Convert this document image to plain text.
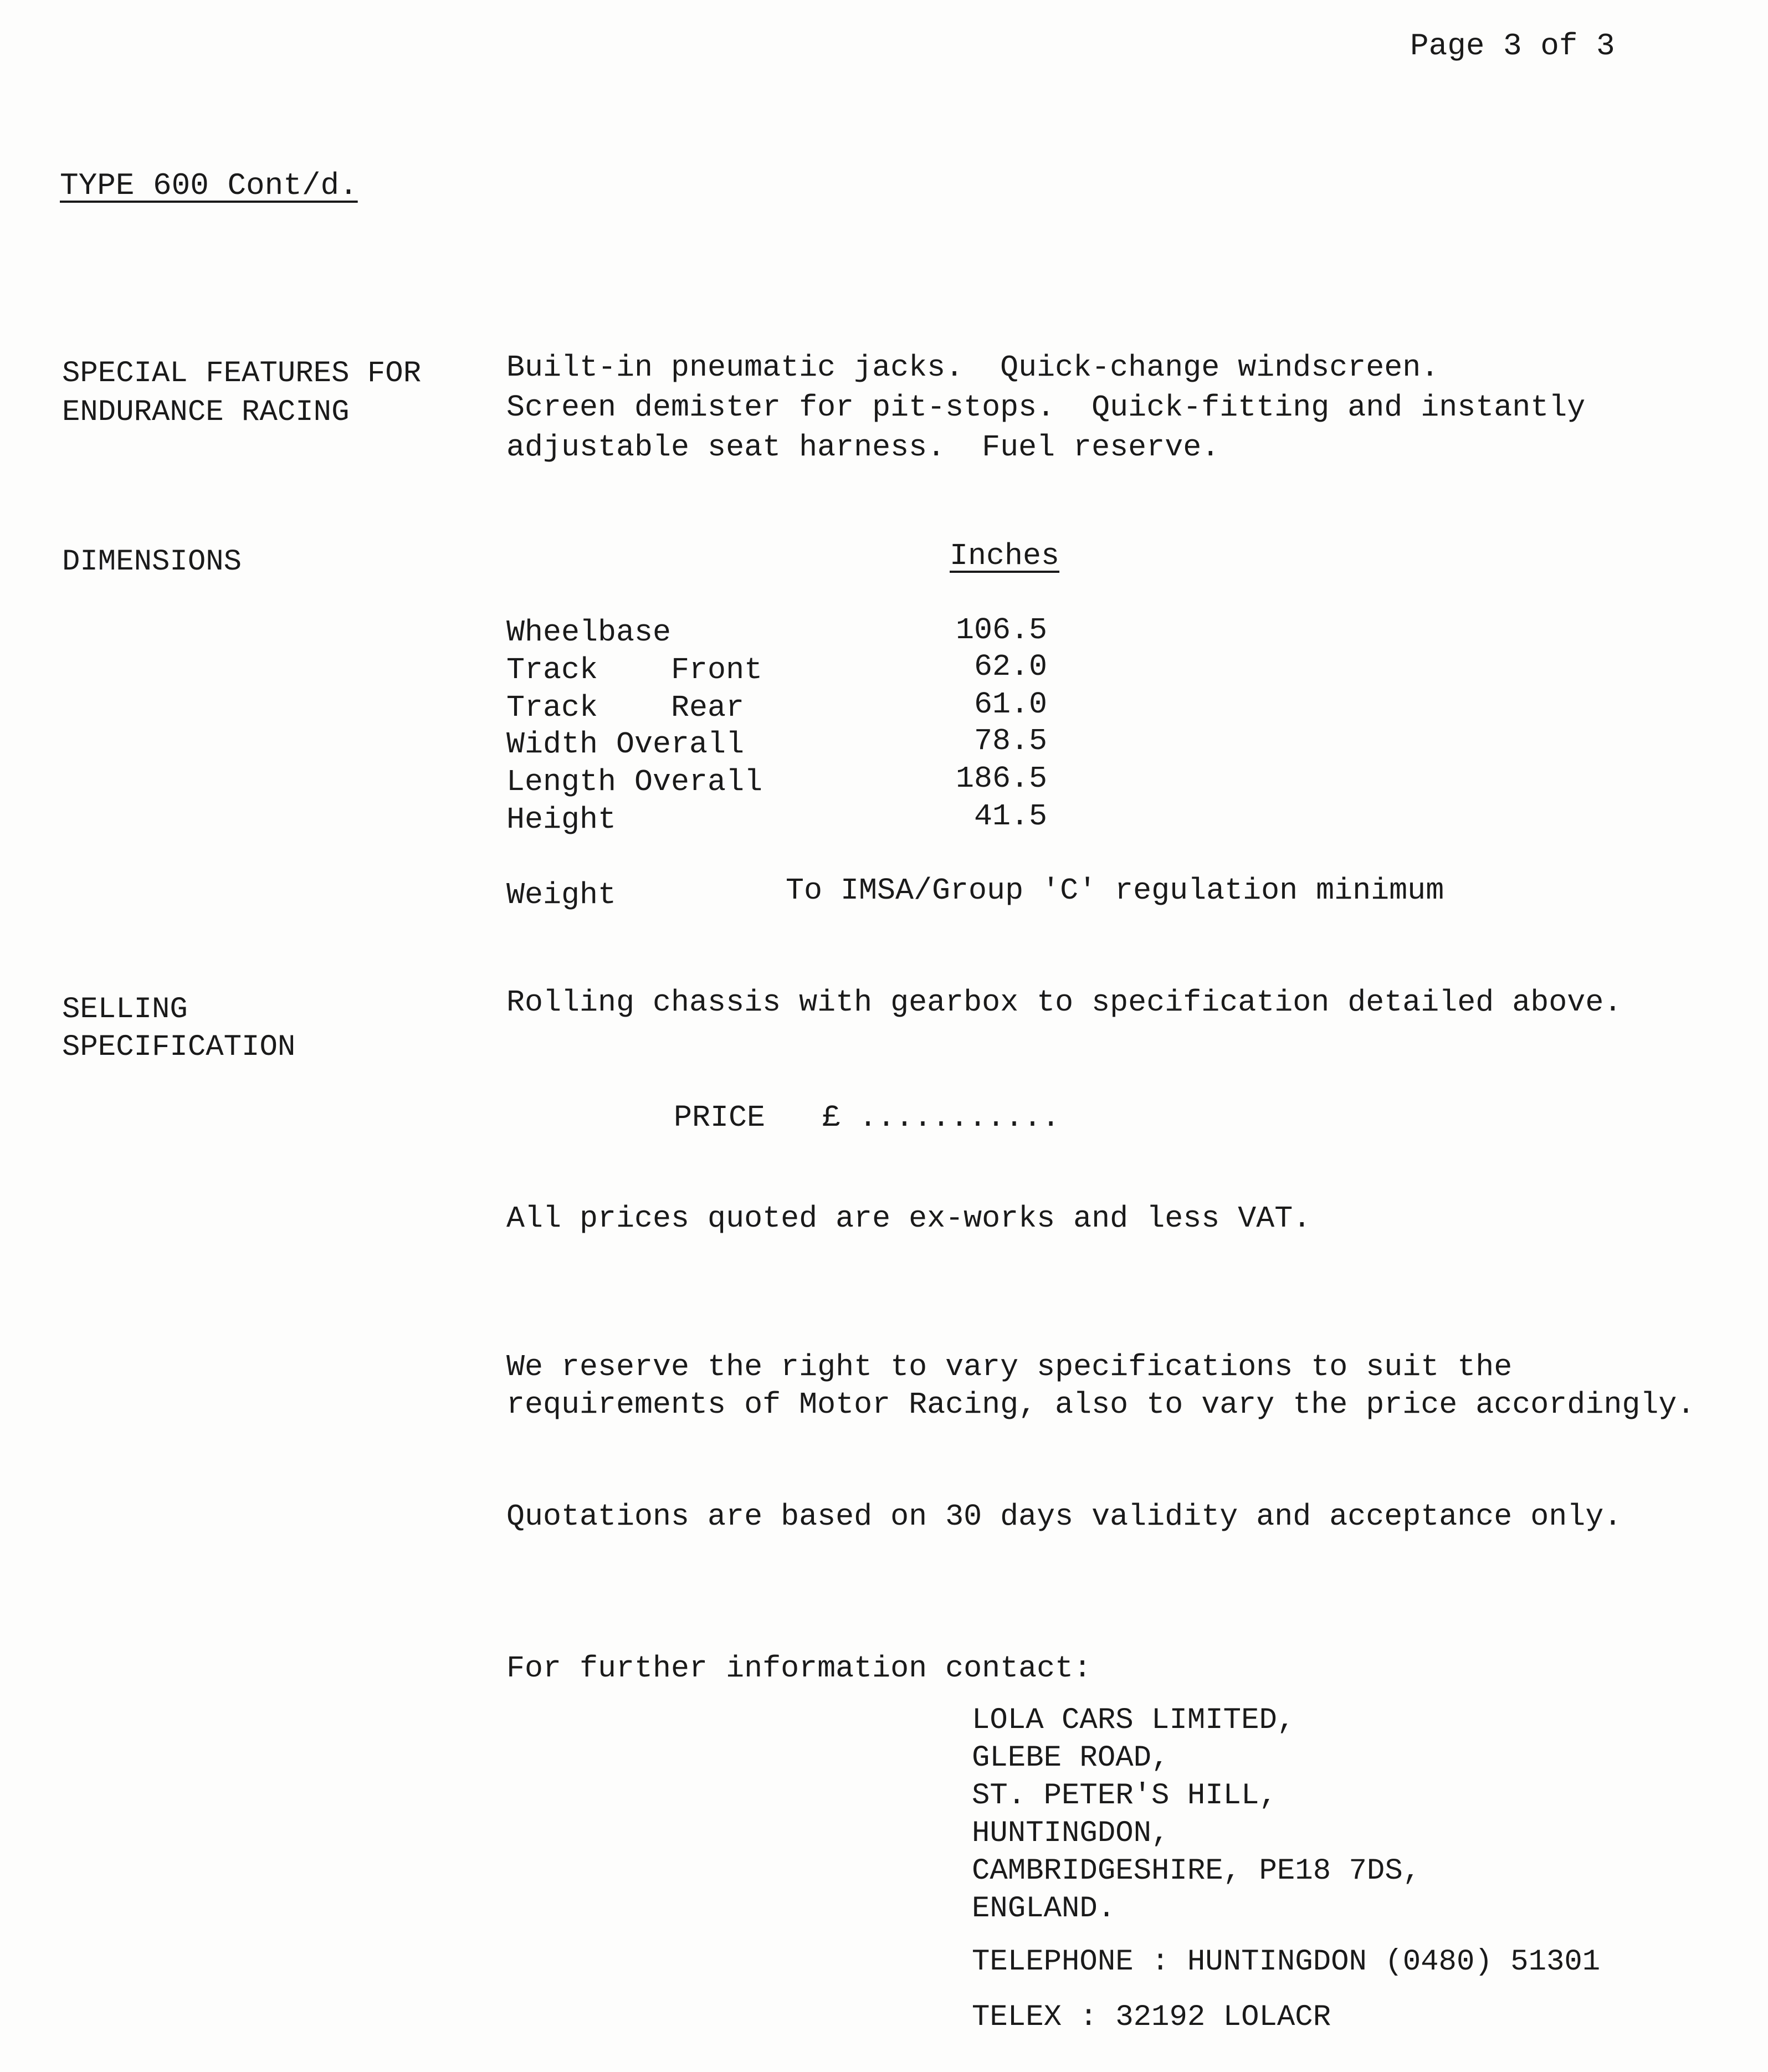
Page 3 of 3
TYPE 600 Cont/d.
SPECIAL FEATURES FOR
ENDURANCE RACING
Built-in pneumatic jacks.  Quick-change windscreen.
Screen demister for pit-stops.  Quick-fitting and instantly
adjustable seat harness.  Fuel reserve.
DIMENSIONS	Inches
Wheelbase	106.5
Track    Front	62.0
Track    Rear	61.0
Width Overall	78.5
Length Overall	186.5
Height	41.5
Weight	To IMSA/Group 'C' regulation minimum
SELLING
SPECIFICATION
Rolling chassis with gearbox to specification detailed above.
PRICE £ ...........
All prices quoted are ex-works and less VAT.
We reserve the right to vary specifications to suit the
requirements of Motor Racing, also to vary the price accordingly.
Quotations are based on 30 days validity and acceptance only.
For further information contact:
LOLA CARS LIMITED,
GLEBE ROAD,
ST. PETER'S HILL,
HUNTINGDON,
CAMBRIDGESHIRE, PE18 7DS,
ENGLAND.
TELEPHONE : HUNTINGDON (0480) 51301
TELEX : 32192 LOLACR
